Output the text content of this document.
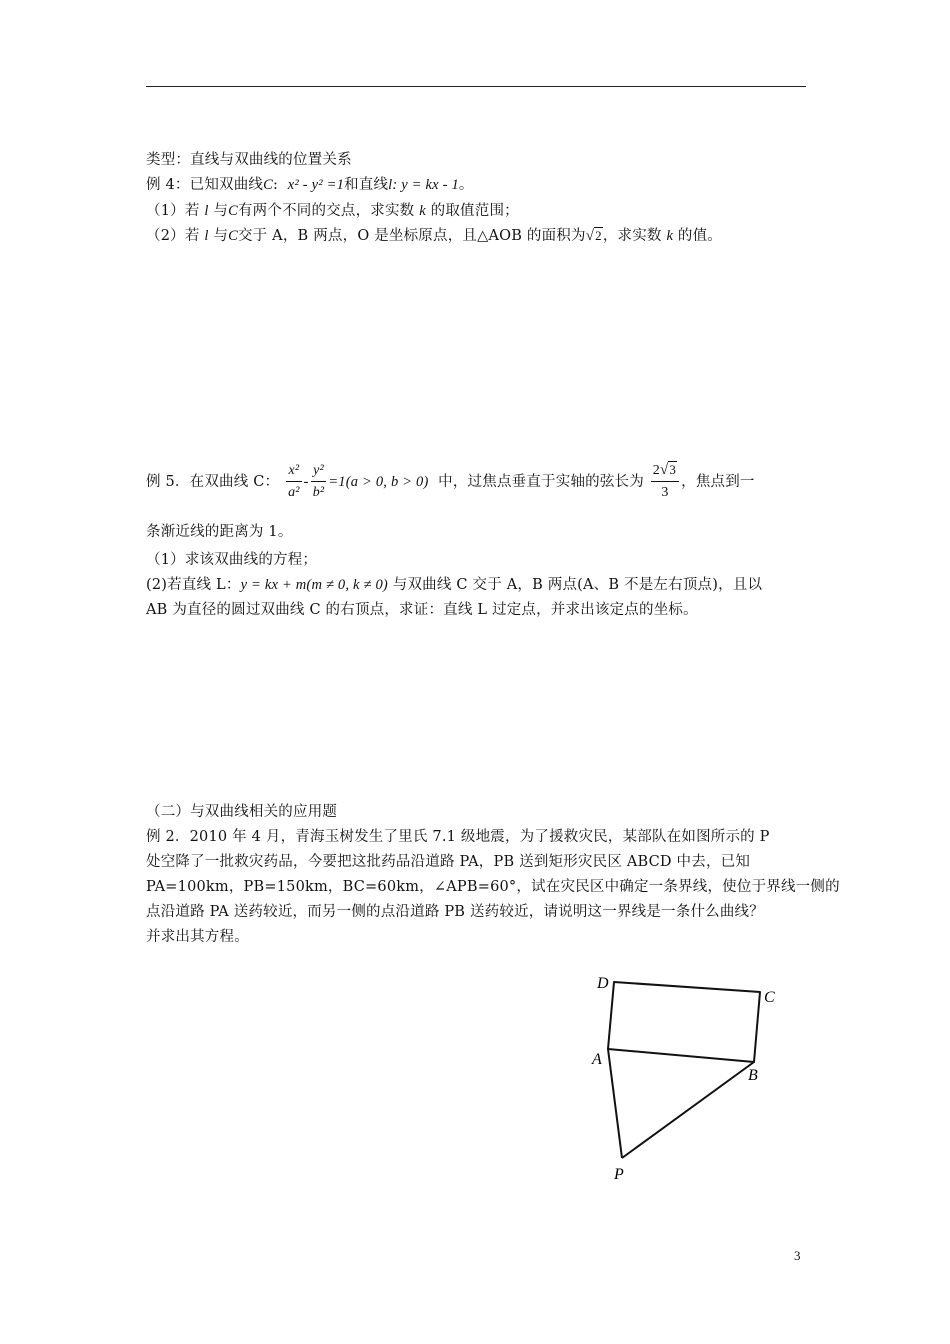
类型：直线与双曲线的位置关系
例 4：已知双曲线C: x² - y² =1和直线l: y = kx - 1。
（1）若 l 与C有两个不同的交点，求实数 k 的取值范围；
（2）若 l 与C交于 A，B 两点，O 是坐标原点，且△AOB 的面积为√2，求实数 k 的值。
例 5．在双曲线 C： $\frac{\text{x²}}{\text{a²}} - \frac{\text{y²}}{\text{b²}} =1(a > 0$, b > 0) 中，过焦点垂直于实轴的弦长为 $\frac{2√3}{3}$ ，焦点到一
条渐近线的距离为 1。
（1）求该双曲线的方程；
(2)若直线 L：y = kx + m(m ≠ 0, k ≠ 0) 与双曲线 C 交于 A，B 两点(A、B 不是左右顶点)，且以
AB 为直径的圆过双曲线 C 的右顶点，求证：直线 L 过定点，并求出该定点的坐标。
（二）与双曲线相关的应用题
例 2．2010 年 4 月，青海玉树发生了里氏 7.1 级地震，为了援救灾民，某部队在如图所示的 P
处空降了一批救灾药品，今要把这批药品沿道路 PA，PB 送到矩形灾民区 ABCD 中去，已知
PA=100km，PB=150km，BC=60km，∠APB=60°，试在灾民区中确定一条界线，使位于界线一侧的
点沿道路 PA 送药较近，而另一侧的点沿道路 PB 送药较近，请说明这一界线是一条什么曲线？
并求出其方程。
D
C
A
B
P
3
